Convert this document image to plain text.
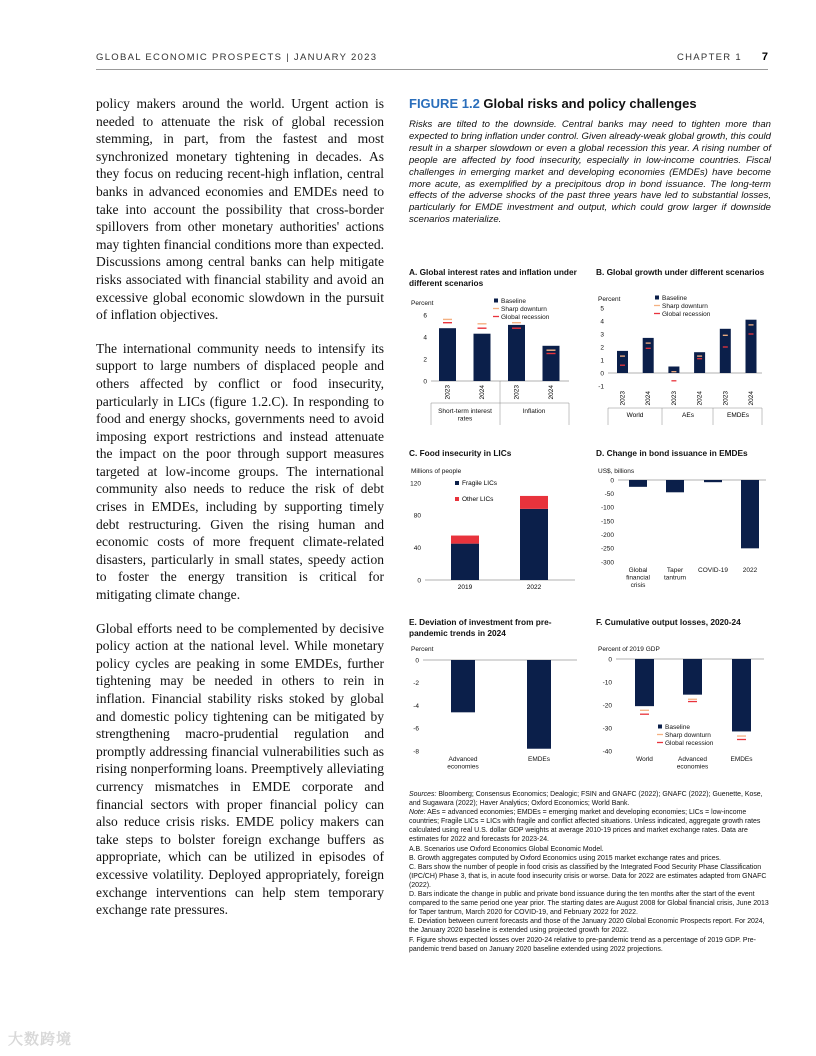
GLOBAL ECONOMIC PROSPECTS | JANUARY 2023	CHAPTER 1 7

policy makers around the world. Urgent action is needed to attenuate the risk of global recession stemming, in part, from the fastest and most synchronized monetary tightening in decades. As they focus on reducing recent-high inflation, central banks in advanced economies and EMDEs need to take into account the possibility that cross-border spillovers from other monetary authorities' actions may tighten financial conditions more than expected. Discussions among central banks can help mitigate risks associated with financial stability and avoid an excessive global economic slowdown in the pursuit of inflation objectives.

The international community needs to intensify its support to large numbers of displaced people and others affected by conflict or food insecurity, particularly in LICs (figure 1.2.C). In responding to food and energy shocks, governments need to avoid imposing export restrictions and instead attenuate the impact on the poor through support measures targeted at low-income groups. The international community also needs to reduce the risk of debt crises in EMDEs, including by supporting timely debt restructuring. Given the rising human and economic costs of more frequent climate-related disasters, particularly in small states, speedy action to foster the energy transition is critical for mitigating climate change.

Global efforts need to be complemented by decisive policy action at the national level. While monetary policy cycles are peaking in some EMDEs, further tightening may be needed in others to rein in inflation. Financial stability risks stoked by global and domestic policy tightening can be mitigated by strengthening macro-prudential regulation and promptly addressing financial vulnerabilities such as rising nonperforming loans. Preemptively alleviating currency mismatches in EMDE corporate and financial sectors with proper financial policy can also reduce crisis risks. EMDE policy makers can take steps to bolster foreign exchange buffers as appropriate, which can be utilized in episodes of excessive volatility. Deployed appropriately, foreign exchange interventions can help stem temporary exchange rate pressures.

FIGURE 1.2 Global risks and policy challenges
Risks are tilted to the downside. Central banks may need to tighten more than expected to bring inflation under control. Given already-weak global growth, this could result in a sharper slowdown or even a global recession this year. A rising number of people are affected by food insecurity, especially in low-income countries. Fiscal challenges in emerging market and developing economies (EMDEs) have become more acute, as exemplified by a precipitous drop in bond issuance. The long-term effects of the adverse shocks of the past three years have led to substantial losses, particularly for EMDE investment and output, which could grow larger if downside scenarios materialize.
A. Global interest rates and inflation under different scenarios
Percent
0
2
4
6
2023	2024	2023	2024
Short-term interest rates
Inflation
Baseline
Sharp downturn
Global recession
B. Global growth under different scenarios
Percent
-1
0
1
2
3
4
5
2023	2024	2023	2024	2023	2024
World	AEs	EMDEs
Baseline
Sharp downturn
Global recession
C. Food insecurity in LICs
Millions of people
0
40
80
120
2019	2022
Fragile LICs
Other LICs
D. Change in bond issuance in EMDEs
US$, billions
0
-50
-100
-150
-200
-250
-300
Global financial crisis
Taper tantrum
COVID-19 2022
E. Deviation of investment from pre-pandemic trends in 2024
Percent
0
-2
-4
-6
-8
Advanced economies
EMDEs
F. Cumulative output losses, 2020-24
Percent of 2019 GDP
0
-10
-20
-30
-40
World	Advanced economies
EMDEs
Baseline
Sharp downturn
Global recession

Sources: Bloomberg; Consensus Economics; Dealogic; FSIN and GNAFC (2022); GNAFC (2022); Guenette, Kose, and Sugawara (2022); Haver Analytics; Oxford Economics; World Bank.

Note: AEs = advanced economies; EMDEs = emerging market and developing economies; LICs = low-income countries; Fragile LICs = LICs with fragile and conflict affected situations. Unless indicated, aggregate growth rates calculated using real U.S. dollar GDP weights at average 2010-19 prices and market exchange rates. Data are estimates for 2022 and forecasts for 2023-24.

A.B. Scenarios use Oxford Economics Global Economic Model.

B. Growth aggregates computed by Oxford Economics using 2015 market exchange rates and prices.

C. Bars show the number of people in food crisis as classified by the Integrated Food Security Phase Classification (IPC/CH) Phase 3, that is, in acute food insecurity crisis or worse. Data for 2022 are estimates adapted from GNAFC (2022).

D. Bars indicate the change in public and private bond issuance during the ten months after the start of the event compared to the same period one year prior. The starting dates are August 2008 for Global financial crisis, June 2013 for Taper tantrum, March 2020 for COVID-19, and February 2022 for 2022.

E. Deviation between current forecasts and those of the January 2020 Global Economic Prospects report. For 2024, the January 2020 baseline is extended using projected growth for 2022.

F. Figure shows expected losses over 2020-24 relative to pre-pandemic trend as a percentage of 2019 GDP. Pre-pandemic trend based on January 2020 baseline extended using 2022 projections.

大数跨境
